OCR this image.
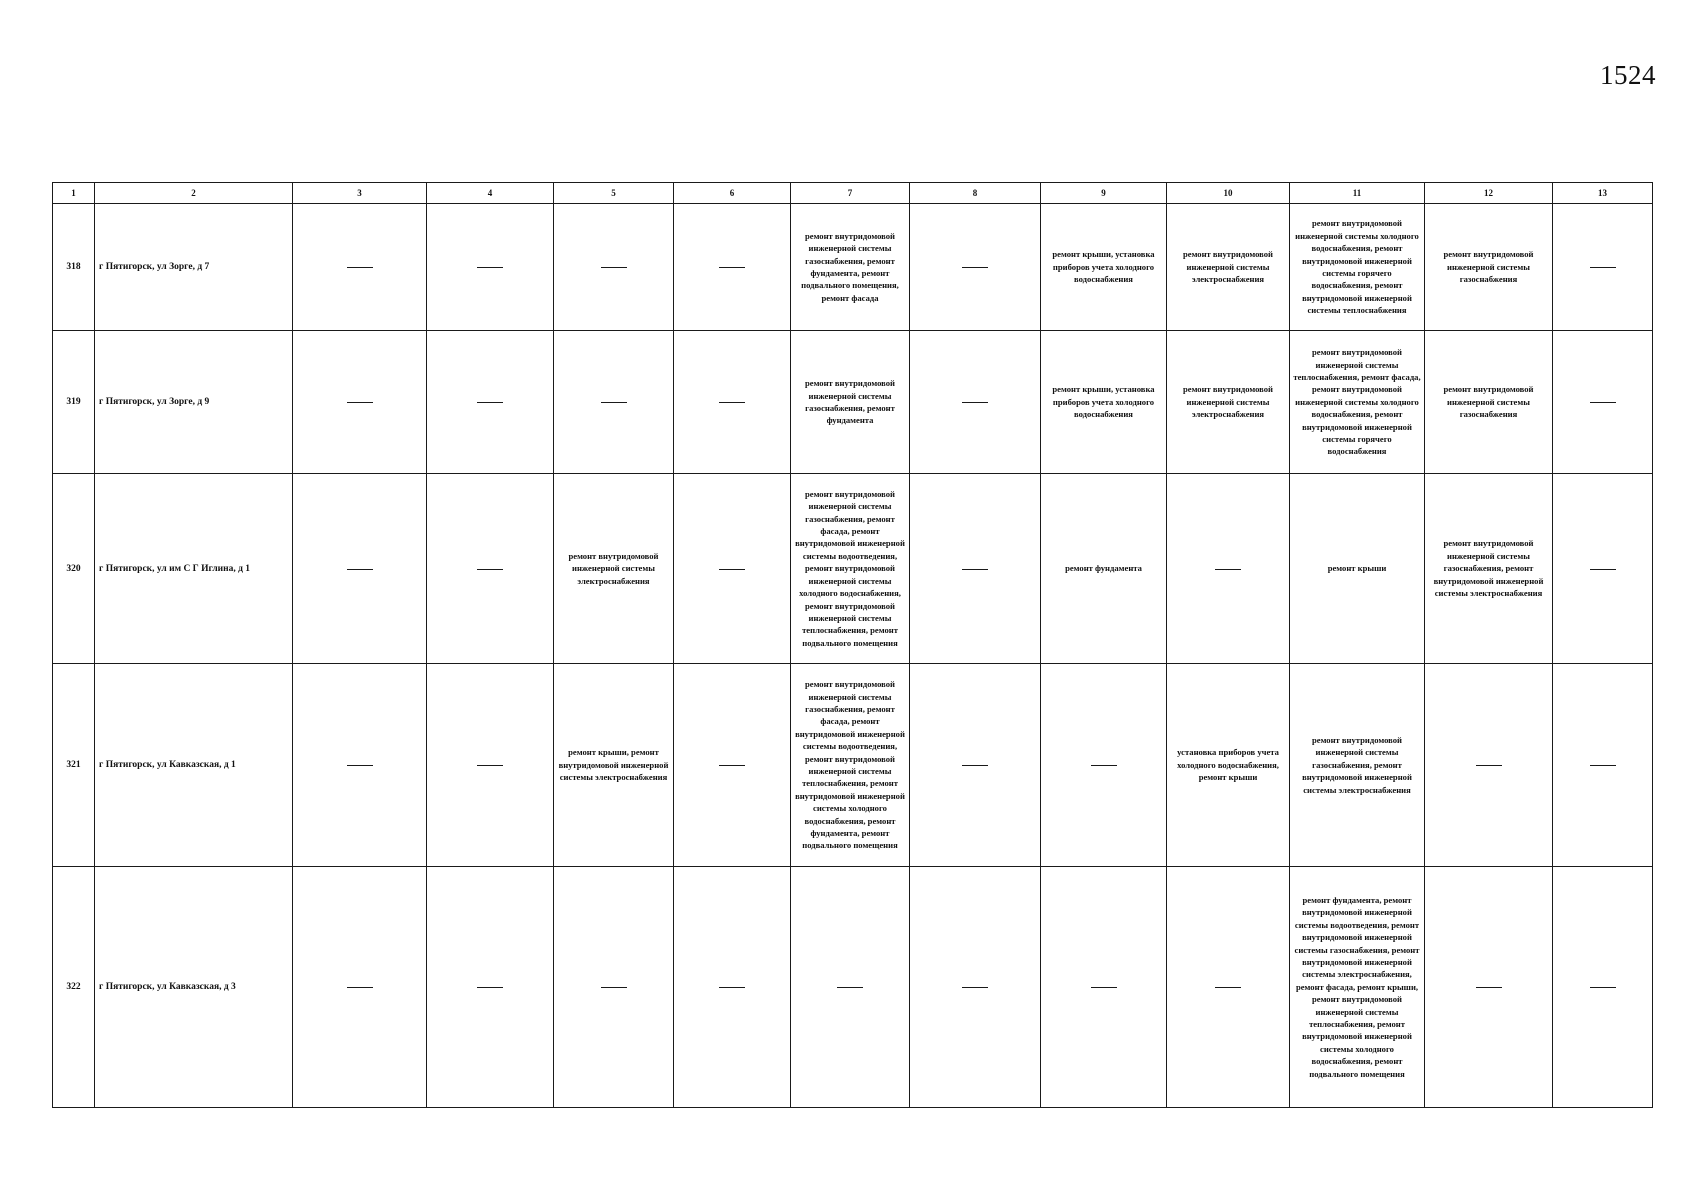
1524
1	2	3	4	5	6	7	8	9	10	11	12	13
318	г Пятигорск, ул Зорге, д 7					ремонт внутридомовой инженерной системы газоснабжения, ремонт фундамента, ремонт подвального помещения, ремонт фасада		ремонт крыши, установка приборов учета холодного водоснабжения	ремонт внутридомовой инженерной системы электроснабжения	ремонт внутридомовой инженерной системы холодного водоснабжения, ремонт внутридомовой инженерной системы горячего водоснабжения, ремонт внутридомовой инженерной системы теплоснабжения	ремонт внутридомовой инженерной системы газоснабжения	
319	г Пятигорск, ул Зорге, д 9					ремонт внутридомовой инженерной системы газоснабжения, ремонт фундамента		ремонт крыши, установка приборов учета холодного водоснабжения	ремонт внутридомовой инженерной системы электроснабжения	ремонт внутридомовой инженерной системы теплоснабжения, ремонт фасада, ремонт внутридомовой инженерной системы холодного водоснабжения, ремонт внутридомовой инженерной системы горячего водоснабжения	ремонт внутридомовой инженерной системы газоснабжения	
320	г Пятигорск, ул им С Г Иглина, д 1			ремонт внутридомовой инженерной системы электроснабжения		ремонт внутридомовой инженерной системы газоснабжения, ремонт фасада, ремонт внутридомовой инженерной системы водоотведения, ремонт внутридомовой инженерной системы холодного водоснабжения, ремонт внутридомовой инженерной системы теплоснабжения, ремонт подвального помещения		ремонт фундамента		ремонт крыши	ремонт внутридомовой инженерной системы газоснабжения, ремонт внутридомовой инженерной системы электроснабжения	
321	г Пятигорск, ул Кавказская, д 1			ремонт крыши, ремонт внутридомовой инженерной системы электроснабжения		ремонт внутридомовой инженерной системы газоснабжения, ремонт фасада, ремонт внутридомовой инженерной системы водоотведения, ремонт внутридомовой инженерной системы теплоснабжения, ремонт внутридомовой инженерной системы холодного водоснабжения, ремонт фундамента, ремонт подвального помещения			установка приборов учета холодного водоснабжения, ремонт крыши	ремонт внутридомовой инженерной системы газоснабжения, ремонт внутридомовой инженерной системы электроснабжения		
322	г Пятигорск, ул Кавказская, д 3									ремонт фундамента, ремонт внутридомовой инженерной системы водоотведения, ремонт внутридомовой инженерной системы газоснабжения, ремонт внутридомовой инженерной системы электроснабжения, ремонт фасада, ремонт крыши, ремонт внутридомовой инженерной системы теплоснабжения, ремонт внутридомовой инженерной системы холодного водоснабжения, ремонт подвального помещения		
